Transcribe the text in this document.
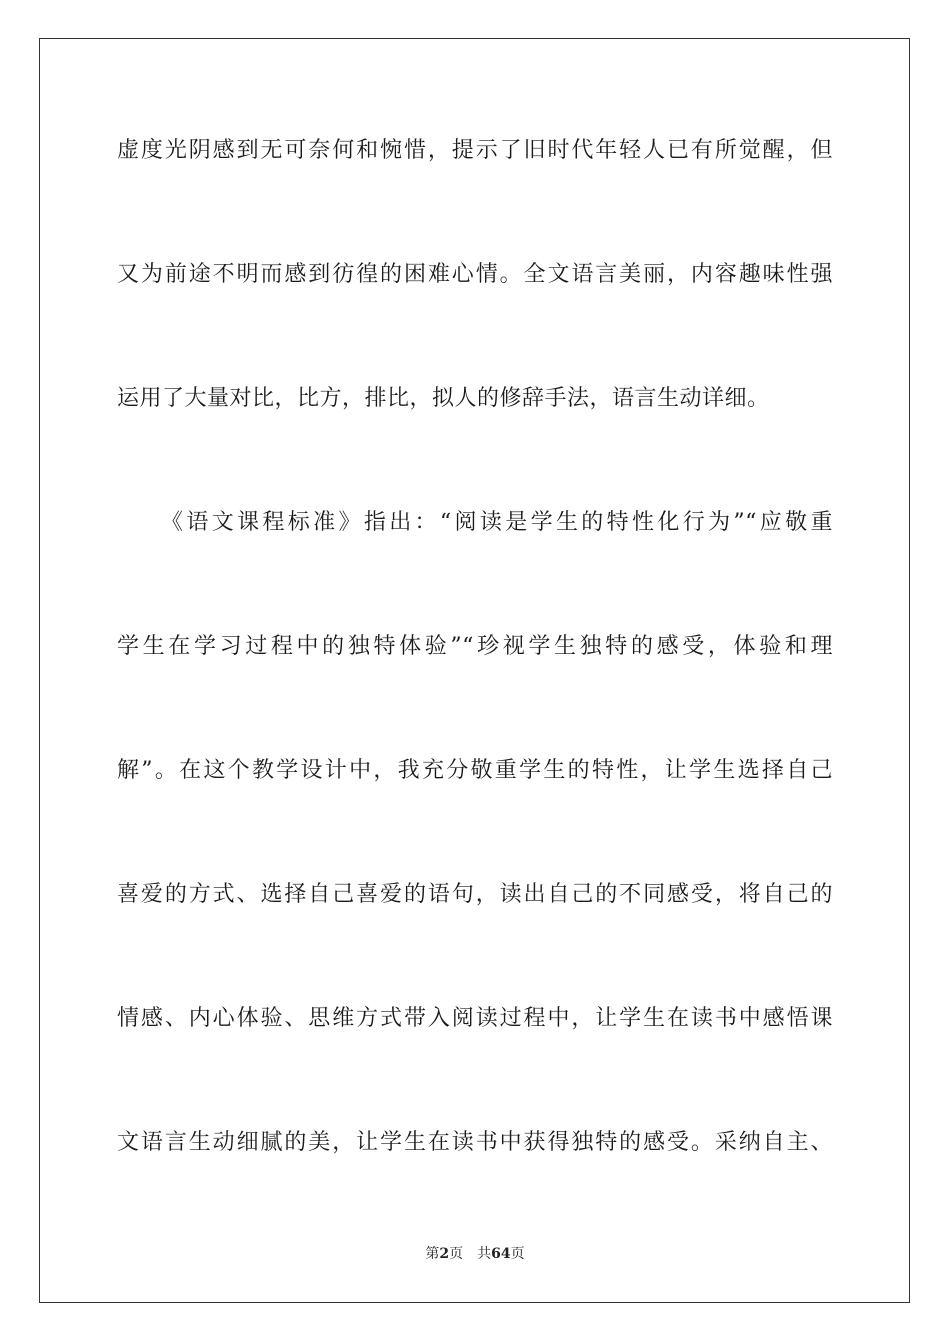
虚度光阴感到无可奈何和惋惜，提示了旧时代年轻人已有所觉醒，但
又为前途不明而感到彷徨的困难心情。全文语言美丽，内容趣味性强
运用了大量对比，比方，排比，拟人的修辞手法，语言生动详细。
《语文课程标准》指出：“阅读是学生的特性化行为”“应敬重
学生在学习过程中的独特体验”“珍视学生独特的感受，体验和理
解”。在这个教学设计中，我充分敬重学生的特性，让学生选择自己
喜爱的方式、选择自己喜爱的语句，读出自己的不同感受，将自己的
情感、内心体验、思维方式带入阅读过程中，让学生在读书中感悟课
文语言生动细腻的美，让学生在读书中获得独特的感受。采纳自主、
第2页 共64页
